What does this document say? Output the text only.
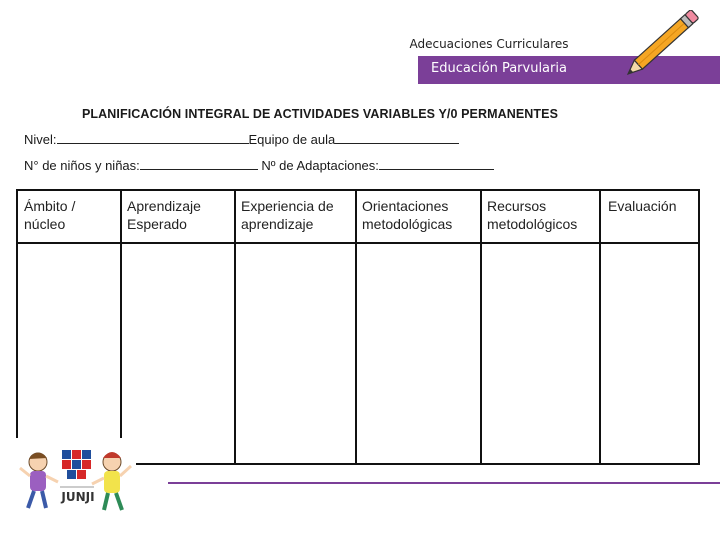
Adecuaciones Curriculares
Educación Parvularia
PLANIFICACIÓN INTEGRAL DE ACTIVIDADES VARIABLES Y/0 PERMANENTES
Nivel:	Equipo de aula
N° de niños y niñas:	Nº de Adaptaciones:
Ámbito /
núcleo
Aprendizaje
Esperado
Experiencia de
aprendizaje
Orientaciones
metodológicas
Recursos
metodológicos
Evaluación
JUNJI
